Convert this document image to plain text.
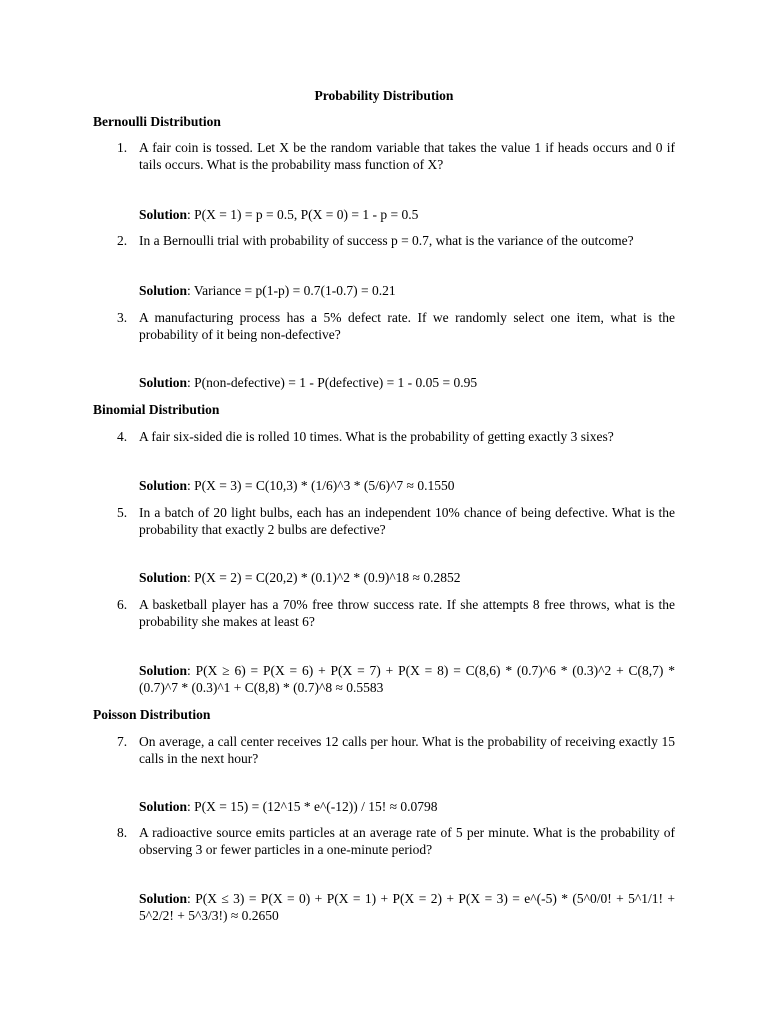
Probability Distribution
Bernoulli Distribution
1. A fair coin is tossed. Let X be the random variable that takes the value 1 if heads occurs and 0 if tails occurs. What is the probability mass function of X?
Solution: P(X = 1) = p = 0.5, P(X = 0) = 1 - p = 0.5
2. In a Bernoulli trial with probability of success p = 0.7, what is the variance of the outcome?
Solution: Variance = p(1-p) = 0.7(1-0.7) = 0.21
3. A manufacturing process has a 5% defect rate. If we randomly select one item, what is the probability of it being non-defective?
Solution: P(non-defective) = 1 - P(defective) = 1 - 0.05 = 0.95
Binomial Distribution
4. A fair six-sided die is rolled 10 times. What is the probability of getting exactly 3 sixes?
Solution: P(X = 3) = C(10,3) * (1/6)^3 * (5/6)^7 ≈ 0.1550
5. In a batch of 20 light bulbs, each has an independent 10% chance of being defective. What is the probability that exactly 2 bulbs are defective?
Solution: P(X = 2) = C(20,2) * (0.1)^2 * (0.9)^18 ≈ 0.2852
6. A basketball player has a 70% free throw success rate. If she attempts 8 free throws, what is the probability she makes at least 6?
Solution: P(X ≥ 6) = P(X = 6) + P(X = 7) + P(X = 8) = C(8,6) * (0.7)^6 * (0.3)^2 + C(8,7) * (0.7)^7 * (0.3)^1 + C(8,8) * (0.7)^8 ≈ 0.5583
Poisson Distribution
7. On average, a call center receives 12 calls per hour. What is the probability of receiving exactly 15 calls in the next hour?
Solution: P(X = 15) = (12^15 * e^(-12)) / 15! ≈ 0.0798
8. A radioactive source emits particles at an average rate of 5 per minute. What is the probability of observing 3 or fewer particles in a one-minute period?
Solution: P(X ≤ 3) = P(X = 0) + P(X = 1) + P(X = 2) + P(X = 3) = e^(-5) * (5^0/0! + 5^1/1! + 5^2/2! + 5^3/3!) ≈ 0.2650
